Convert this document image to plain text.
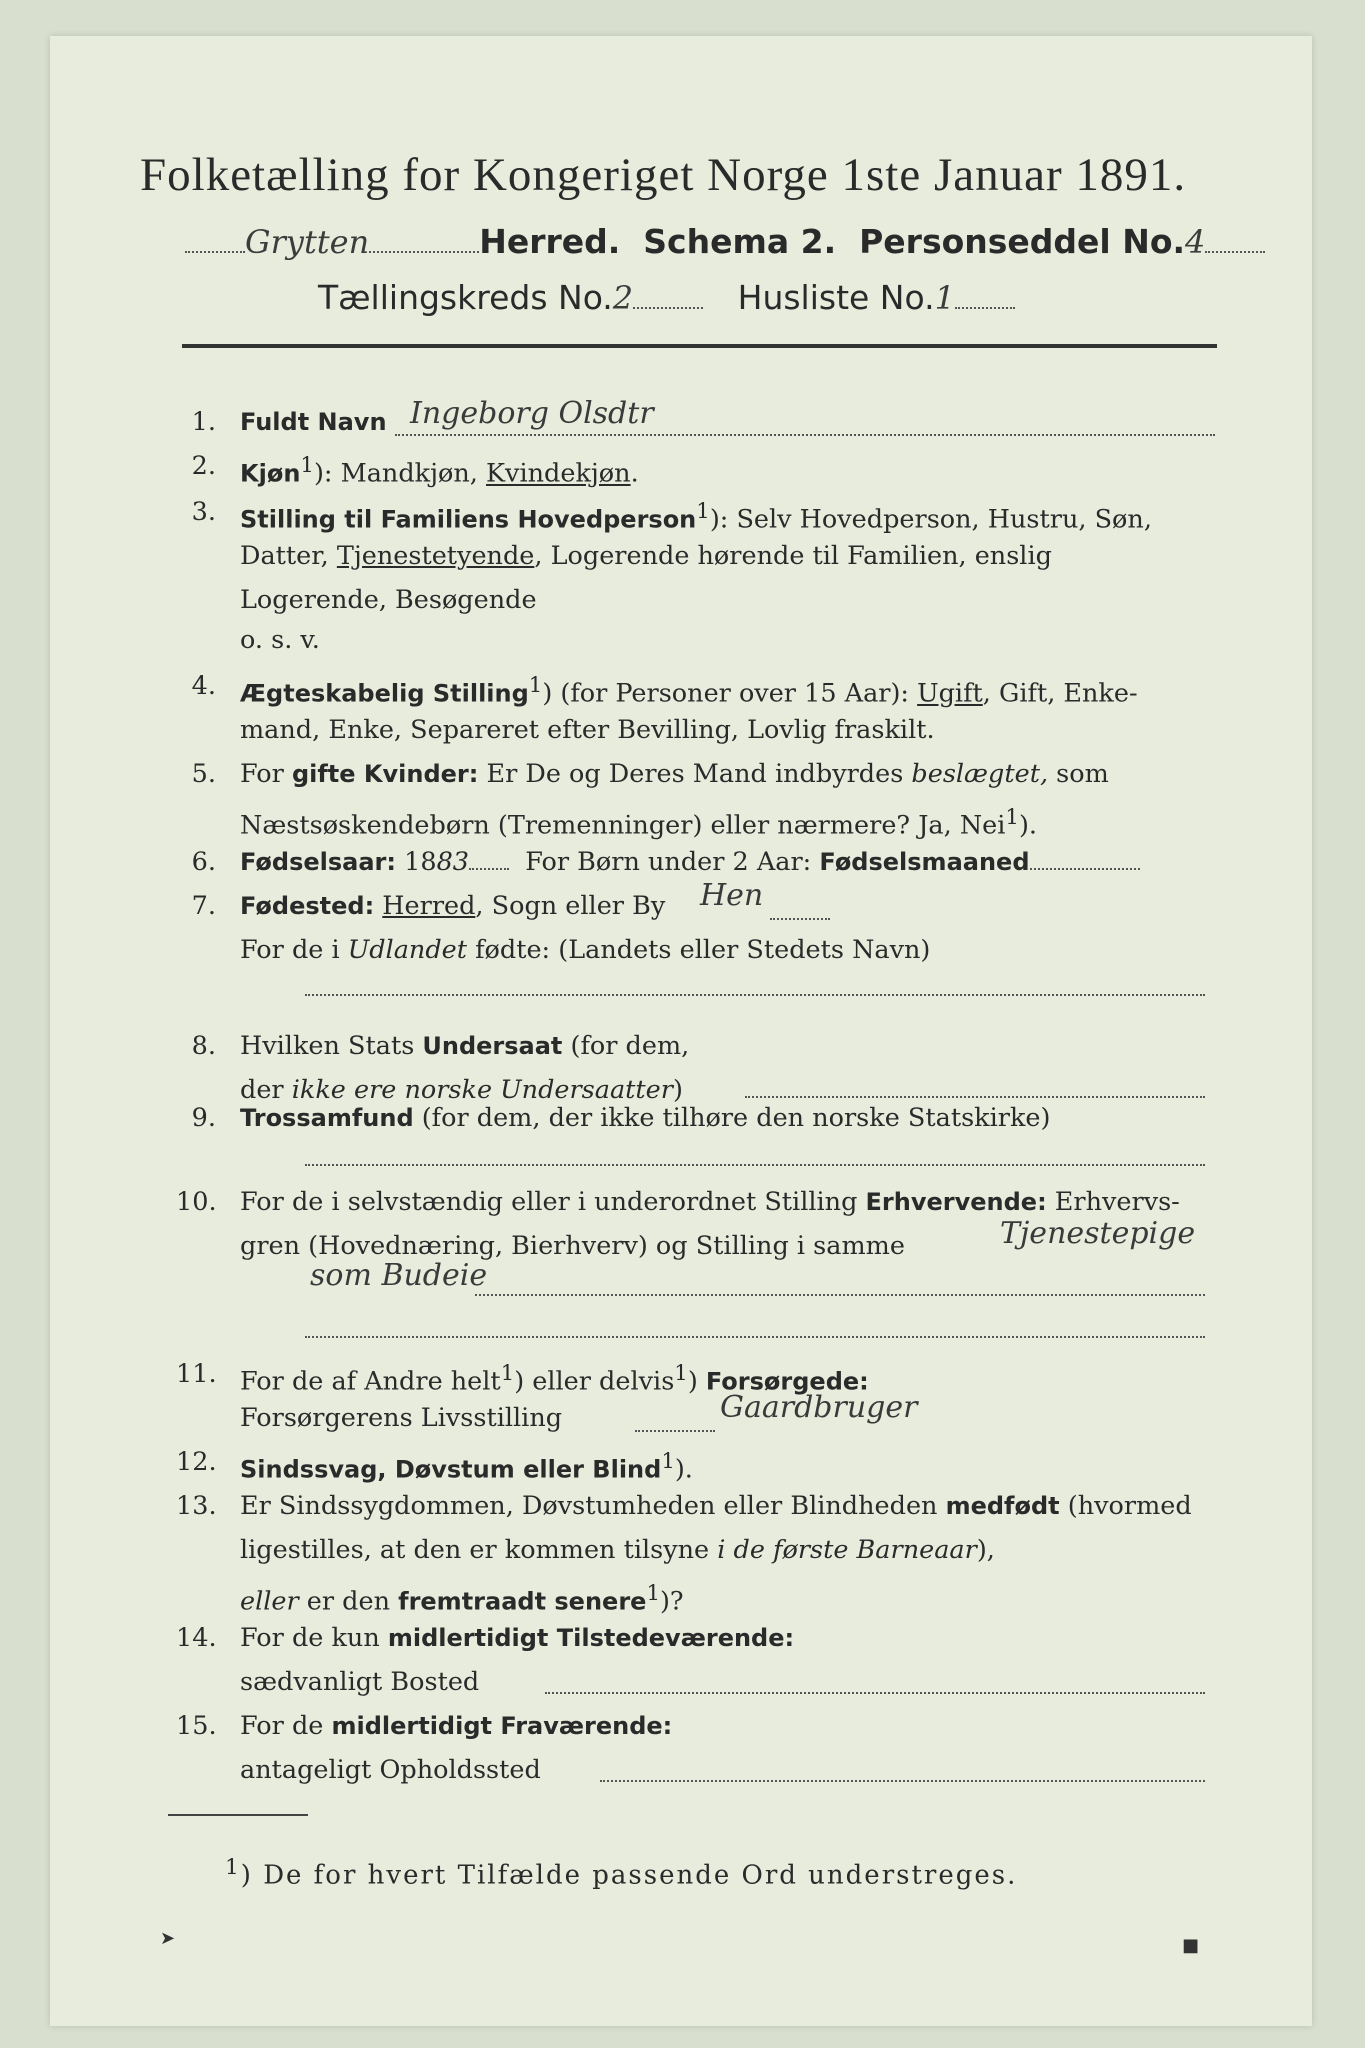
Folketælling for Kongeriget Norge 1ste Januar 1891.
Grytten	Herred. Schema 2. Personseddel No.4
Tællingskreds No.2	Husliste No.1
1. Fuldt Navn Ingeborg Olsdtr
2. Kjøn$^1$): Mandkjøn, Kvindekjøn.
3. Stilling til Familiens Hovedperson$^1$): Selv Hovedperson, Hustru, Søn,
Datter, Tjenestetyende, Logerende hørende til Familien, enslig
Logerende, Besøgende
o. s. v.
4. Ægteskabelig Stilling$^1$) (for Personer over 15 Aar): Ugift, Gift, Enke-
mand, Enke, Separeret efter Bevilling, Lovlig fraskilt.
5. For gifte Kvinder: Er De og Deres Mand indbyrdes beslægtet, som
Næstsøskendebørn (Tremenninger) eller nærmere? Ja, Nei$^1$).
6. Fødselsaar: 1883 For Børn under 2 Aar: Fødselsmaaned
7. Fødested: Herred, Sogn eller By Hen
For de i Udlandet fødte: (Landets eller Stedets Navn)
8. Hvilken Stats Undersaat (for dem,
der ikke ere norske Undersaatter)
9. Trossamfund (for dem, der ikke tilhøre den norske Statskirke)
10. For de i selvstændig eller i underordnet Stilling Erhvervende: Erhvervs-
gren (Hovednæring, Bierhverv) og Stilling i samme	Tjenestepige
som Budeie
11. For de af Andre helt$^1$) eller delvis$^1$) Forsørgede:
Forsørgerens Livsstilling	Gaardbruger
12. Sindssvag, Døvstum eller Blind$^1$).
13. Er Sindssygdommen, Døvstumheden eller Blindheden medfødt (hvormed
ligestilles, at den er kommen tilsyne i de første Barneaar),
eller er den fremtraadt senere$^1$)?
14. For de kun midlertidigt Tilstedeværende:
sædvanligt Bosted
15. For de midlertidigt Fraværende:
antageligt Opholdssted
$^1$) De for hvert Tilfælde passende Ord understreges.
➤	■
